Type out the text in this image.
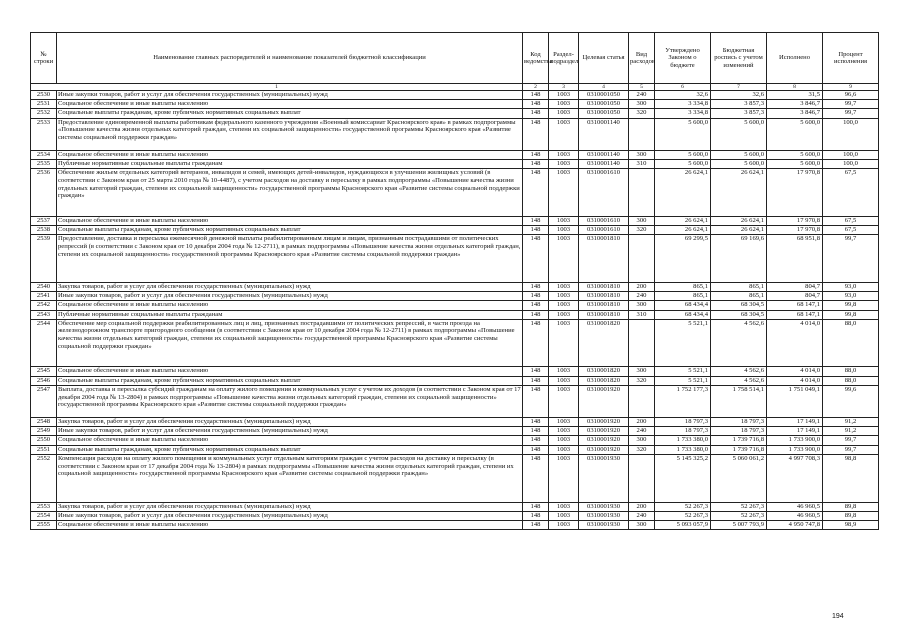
№ строки	Наименование главных распорядителей и наименование показателей бюджетной классификации	Код ведомства	Раздел-подраздел	Целевая статья	Вид расходов	Утверждено Законом о бюджете	Бюджетная роспись с учетом изменений	Исполнено	Процент исполнения
1		2	3	4	5	6	7	8	9
2530	Иные закупки товаров, работ и услуг для обеспечения государственных (муниципальных) нужд	148	1003	0310001050	240	32,6	32,6	31,5	96,6
2531	Социальное обеспечение и иные выплаты населению	148	1003	0310001050	300	3 334,8	3 857,3	3 846,7	99,7
2532	Социальные выплаты гражданам, кроме публичных нормативных социальных выплат	148	1003	0310001050	320	3 334,8	3 857,3	3 846,7	99,7
2533	Предоставление единовременной выплаты работникам федерального казенного учреждения «Военный комиссариат Красноярского края» в рамках подпрограммы «Повышение качества жизни отдельных категорий граждан, степени их социальной защищенности» государственной программы Красноярского края «Развитие системы социальной поддержки граждан»	148	1003	0310001140		5 600,0	5 600,0	5 600,0	100,0
2534	Социальное обеспечение и иные выплаты населению	148	1003	0310001140	300	5 600,0	5 600,0	5 600,0	100,0
2535	Публичные нормативные социальные выплаты гражданам	148	1003	0310001140	310	5 600,0	5 600,0	5 600,0	100,0
2536	Обеспечение жильем отдельных категорий ветеранов, инвалидов и семей, имеющих детей-инвалидов, нуждающихся в улучшении жилищных условий (в соответствии с Законом края от 25 марта 2010 года № 10-4487), с учетом расходов на доставку и пересылку в рамках подпрограммы «Повышение качества жизни отдельных категорий граждан, степени их социальной защищенности» государственной программы Красноярского края «Развитие системы социальной поддержки граждан»	148	1003	0310001610		26 624,1	26 624,1	17 970,8	67,5
2537	Социальное обеспечение и иные выплаты населению	148	1003	0310001610	300	26 624,1	26 624,1	17 970,8	67,5
2538	Социальные выплаты гражданам, кроме публичных нормативных социальных выплат	148	1003	0310001610	320	26 624,1	26 624,1	17 970,8	67,5
2539	Предоставление, доставка и пересылка ежемесячной денежной выплаты реабилитированным лицам и лицам, признанным пострадавшими от политических репрессий (в соответствии с Законом края от 10 декабря 2004 года № 12-2711), в рамках подпрограммы «Повышение качества жизни отдельных категорий граждан, степени их социальной защищенности» государственной программы Красноярского края «Развитие системы социальной поддержки граждан»	148	1003	0310001810		69 299,5	69 169,6	68 951,8	99,7
2540	Закупка товаров, работ и услуг для обеспечения государственных (муниципальных) нужд	148	1003	0310001810	200	865,1	865,1	804,7	93,0
2541	Иные закупки товаров, работ и услуг для обеспечения государственных (муниципальных) нужд	148	1003	0310001810	240	865,1	865,1	804,7	93,0
2542	Социальное обеспечение и иные выплаты населению	148	1003	0310001810	300	68 434,4	68 304,5	68 147,1	99,8
2543	Публичные нормативные социальные выплаты гражданам	148	1003	0310001810	310	68 434,4	68 304,5	68 147,1	99,8
2544	Обеспечение мер социальной поддержки реабилитированных лиц и лиц, признанных пострадавшими от политических репрессий, в части проезда на железнодорожном транспорте пригородного сообщения (в соответствии с Законом края от 10 декабря 2004 года № 12-2711) в рамках подпрограммы «Повышение качества жизни отдельных категорий граждан, степени их социальной защищенности» государственной программы Красноярского края «Развитие системы социальной поддержки граждан»	148	1003	0310001820		5 521,1	4 562,6	4 014,0	88,0
2545	Социальное обеспечение и иные выплаты населению	148	1003	0310001820	300	5 521,1	4 562,6	4 014,0	88,0
2546	Социальные выплаты гражданам, кроме публичных нормативных социальных выплат	148	1003	0310001820	320	5 521,1	4 562,6	4 014,0	88,0
2547	Выплата, доставка и пересылка субсидий гражданам на оплату жилого помещения и коммунальных услуг с учетом их доходов (в соответствии с Законом края от 17 декабря 2004 года № 13-2804) в рамках подпрограммы «Повышение качества жизни отдельных категорий граждан, степени их социальной защищенности» государственной программы Красноярского края «Развитие системы социальной поддержки граждан»	148	1003	0310001920		1 752 177,3	1 758 514,1	1 751 049,1	99,6
2548	Закупка товаров, работ и услуг для обеспечения государственных (муниципальных) нужд	148	1003	0310001920	200	18 797,3	18 797,3	17 149,1	91,2
2549	Иные закупки товаров, работ и услуг для обеспечения государственных (муниципальных) нужд	148	1003	0310001920	240	18 797,3	18 797,3	17 149,1	91,2
2550	Социальное обеспечение и иные выплаты населению	148	1003	0310001920	300	1 733 380,0	1 739 716,8	1 733 900,0	99,7
2551	Социальные выплаты гражданам, кроме публичных нормативных социальных выплат	148	1003	0310001920	320	1 733 380,0	1 739 716,8	1 733 900,0	99,7
2552	Компенсация расходов на оплату жилого помещения и коммунальных услуг отдельным категориям граждан с учетом расходов на доставку и пересылку (в соответствии с Законом края от 17 декабря 2004 года № 13-2804) в рамках подпрограммы «Повышение качества жизни отдельных категорий граждан, степени их социальной защищенности» государственной программы Красноярского края «Развитие системы социальной поддержки граждан»	148	1003	0310001930		5 145 325,2	5 060 061,2	4 997 708,3	98,8
2553	Закупка товаров, работ и услуг для обеспечения государственных (муниципальных) нужд	148	1003	0310001930	200	52 267,3	52 267,3	46 960,5	89,8
2554	Иные закупки товаров, работ и услуг для обеспечения государственных (муниципальных) нужд	148	1003	0310001930	240	52 267,3	52 267,3	46 960,5	89,8
2555	Социальное обеспечение и иные выплаты населению	148	1003	0310001930	300	5 093 057,9	5 007 793,9	4 950 747,8	98,9
194
